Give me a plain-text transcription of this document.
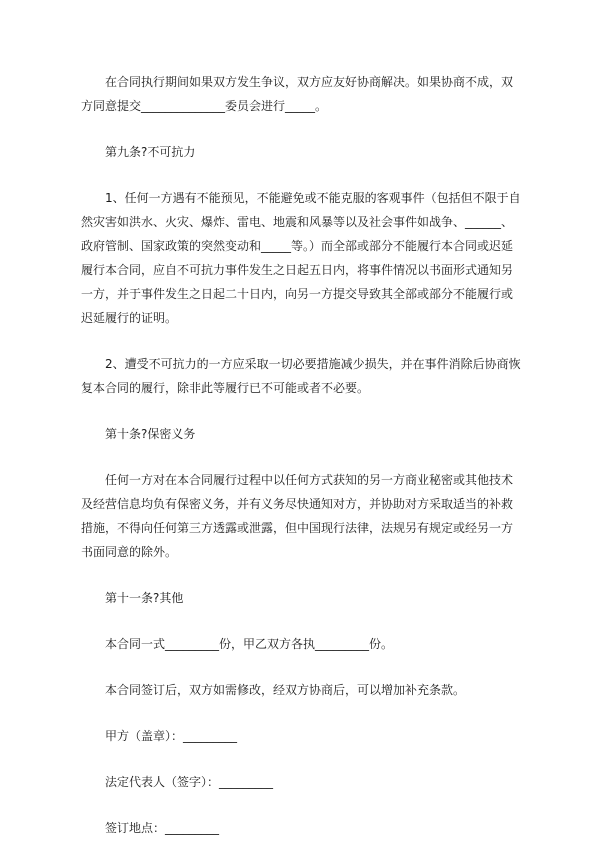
在合同执行期间如果双方发生争议，双方应友好协商解决。如果协商不成，双方同意提交______________委员会进行_____。

第九条?不可抗力

1、任何一方遇有不能预见，不能避免或不能克服的客观事件（包括但不限于自然灾害如洪水、火灾、爆炸、雷电、地震和风暴等以及社会事件如战争、______、政府管制、国家政策的突然变动和_____等。）而全部或部分不能履行本合同或迟延履行本合同，应自不可抗力事件发生之日起五日内，将事件情况以书面形式通知另一方，并于事件发生之日起二十日内，向另一方提交导致其全部或部分不能履行或迟延履行的证明。

2、遭受不可抗力的一方应采取一切必要措施减少损失，并在事件消除后协商恢复本合同的履行，除非此等履行已不可能或者不必要。

第十条?保密义务

任何一方对在本合同履行过程中以任何方式获知的另一方商业秘密或其他技术及经营信息均负有保密义务，并有义务尽快通知对方，并协助对方采取适当的补救措施，不得向任何第三方透露或泄露，但中国现行法律，法规另有规定或经另一方书面同意的除外。

第十一条?其他

本合同一式_________份，甲乙双方各执_________份。

本合同签订后，双方如需修改，经双方协商后，可以增加补充条款。

甲方（盖章）：_________

法定代表人（签字）：_________

签订地点：_________
